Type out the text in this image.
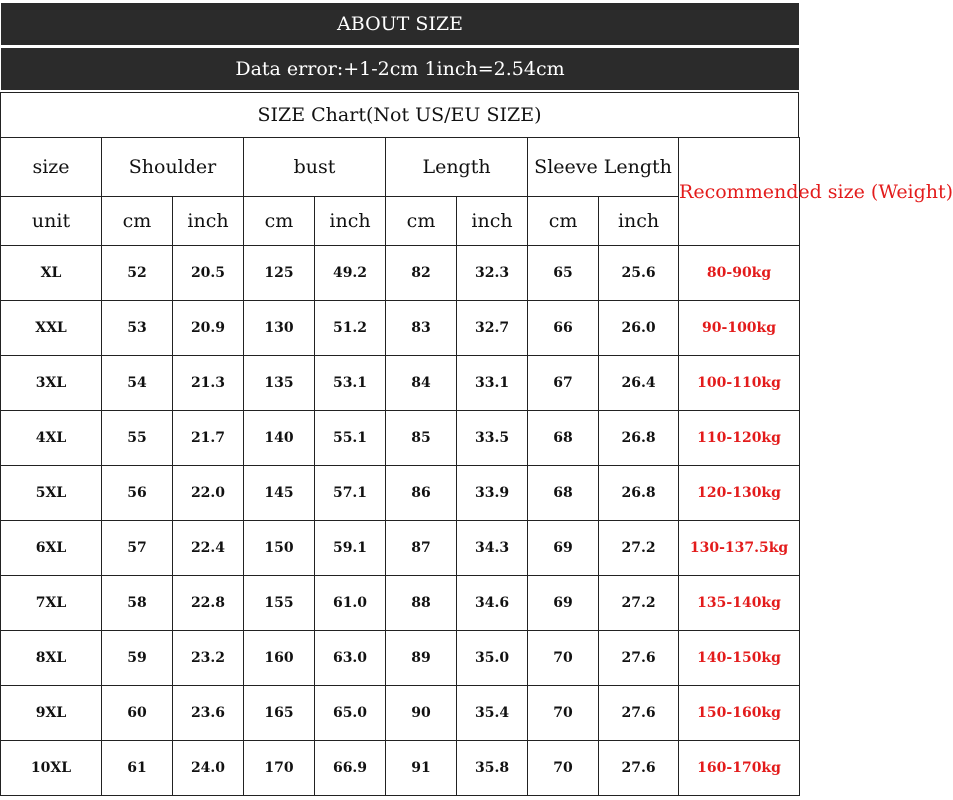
ABOUT SIZE
Data error:+1-2cm 1inch=2.54cm
SIZE Chart(Not US/EU SIZE)
size	Shoulder		bust		Length		Sleeve Length		Recommended size (Weight)
unit	cm	inch	cm	inch	cm	inch	cm	inch	
XL	52	20.5	125	49.2	82	32.3	65	25.6	80-90kg
XXL	53	20.9	130	51.2	83	32.7	66	26.0	90-100kg
3XL	54	21.3	135	53.1	84	33.1	67	26.4	100-110kg
4XL	55	21.7	140	55.1	85	33.5	68	26.8	110-120kg
5XL	56	22.0	145	57.1	86	33.9	68	26.8	120-130kg
6XL	57	22.4	150	59.1	87	34.3	69	27.2	130-137.5kg
7XL	58	22.8	155	61.0	88	34.6	69	27.2	135-140kg
8XL	59	23.2	160	63.0	89	35.0	70	27.6	140-150kg
9XL	60	23.6	165	65.0	90	35.4	70	27.6	150-160kg
10XL	61	24.0	170	66.9	91	35.8	70	27.6	160-170kg
